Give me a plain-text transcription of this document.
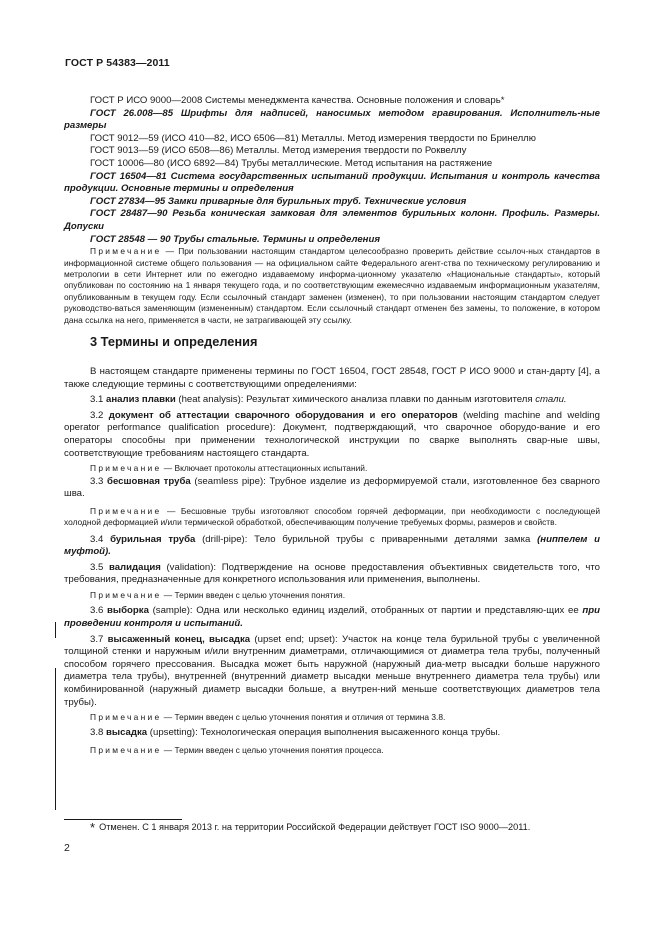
ГОСТ Р 54383—2011

ГОСТ Р ИСО 9000—2008 Системы менеджмента качества. Основные положения и словарь*

ГОСТ 26.008—85 Шрифты для надписей, наносимых методом гравирования. Исполнитель-ные размеры

ГОСТ 9012—59 (ИСО 410—82, ИСО 6506—81) Металлы. Метод измерения твердости по Бринеллю

ГОСТ 9013—59 (ИСО 6508—86) Металлы. Метод измерения твердости по Роквеллу

ГОСТ 10006—80 (ИСО 6892—84) Трубы металлические. Метод испытания на растяжение

ГОСТ 16504—81 Система государственных испытаний продукции. Испытания и контроль качества продукции. Основные термины и определения

ГОСТ 27834—95 Замки приварные для бурильных труб. Технические условия

ГОСТ 28487—90 Резьба коническая замковая для элементов бурильных колонн. Профиль. Размеры. Допуски

ГОСТ 28548 — 90 Трубы стальные. Термины и определения

Примечание — При пользовании настоящим стандартом целесообразно проверить действие ссылоч-ных стандартов в информационной системе общего пользования — на официальном сайте Федерального агент-ства по техническому регулированию и метрологии в сети Интернет или по ежегодно издаваемому информа-ционному указателю «Национальные стандарты», который опубликован по состоянию на 1 января текущего года, и по соответствующим ежемесячно издаваемым информационным указателям, опубликованным в текущем году. Если ссылочный стандарт заменен (изменен), то при пользовании настоящим стандартом следует руководство-ваться заменяющим (измененным) стандартом. Если ссылочный стандарт отменен без замены, то положение, в котором дана ссылка на него, применяется в части, не затрагивающей эту ссылку.

3 Термины и определения

В настоящем стандарте применены термины по ГОСТ 16504, ГОСТ 28548, ГОСТ Р ИСО 9000 и стан-дарту [4], а также следующие термины с соответствующими определениями:

3.1 анализ плавки (heat analysis): Результат химического анализа плавки по данным изготовителя стали.

3.2 документ об аттестации сварочного оборудования и его операторов (welding machine and welding operator performance qualification procedure): Документ, подтверждающий, что сварочное оборудо-вание и его операторы способны при применении технологической инструкции по сварке выполнять свар-ные швы, соответствующие требованиям настоящего стандарта.

Примечание — Включает протоколы аттестационных испытаний.

3.3 бесшовная труба (seamless pipe): Трубное изделие из деформируемой стали, изготовленное без сварного шва.

Примечание — Бесшовные трубы изготовляют способом горячей деформации, при необходимости с последующей холодной деформацией и/или термической обработкой, обеспечивающим получение требуемых формы, размеров и свойств.

3.4 бурильная труба (drill-pipe): Тело бурильной трубы с приваренными деталями замка (ниппелем и муфтой).

3.5 валидация (validation): Подтверждение на основе предоставления объективных свидетельств того, что требования, предназначенные для конкретного использования или применения, выполнены.

Примечание — Термин введен с целью уточнения понятия.

3.6 выборка (sample): Одна или несколько единиц изделий, отобранных от партии и представляю-щих ее при проведении контроля и испытаний.

3.7 высаженный конец, высадка (upset end; upset): Участок на конце тела бурильной трубы с увеличенной толщиной стенки и наружным и/или внутренним диаметрами, отличающимися от диаметра тела трубы, полученный способом горячего прессования. Высадка может быть наружной (наружный диа-метр высадки больше наружного диаметра тела трубы), внутренней (внутренний диаметр высадки меньше внутреннего диаметра тела трубы) или комбинированной (наружный диаметр высадки больше, а внутрен-ний меньше соответствующих диаметров тела трубы).

Примечание — Термин введен с целью уточнения понятия и отличия от термина 3.8.

3.8 высадка (upsetting): Технологическая операция выполнения высаженного конца трубы.

Примечание — Термин введен с целью уточнения понятия процесса.

* Отменен. С 1 января 2013 г. на территории Российской Федерации действует ГОСТ ISO 9000—2011.
2
